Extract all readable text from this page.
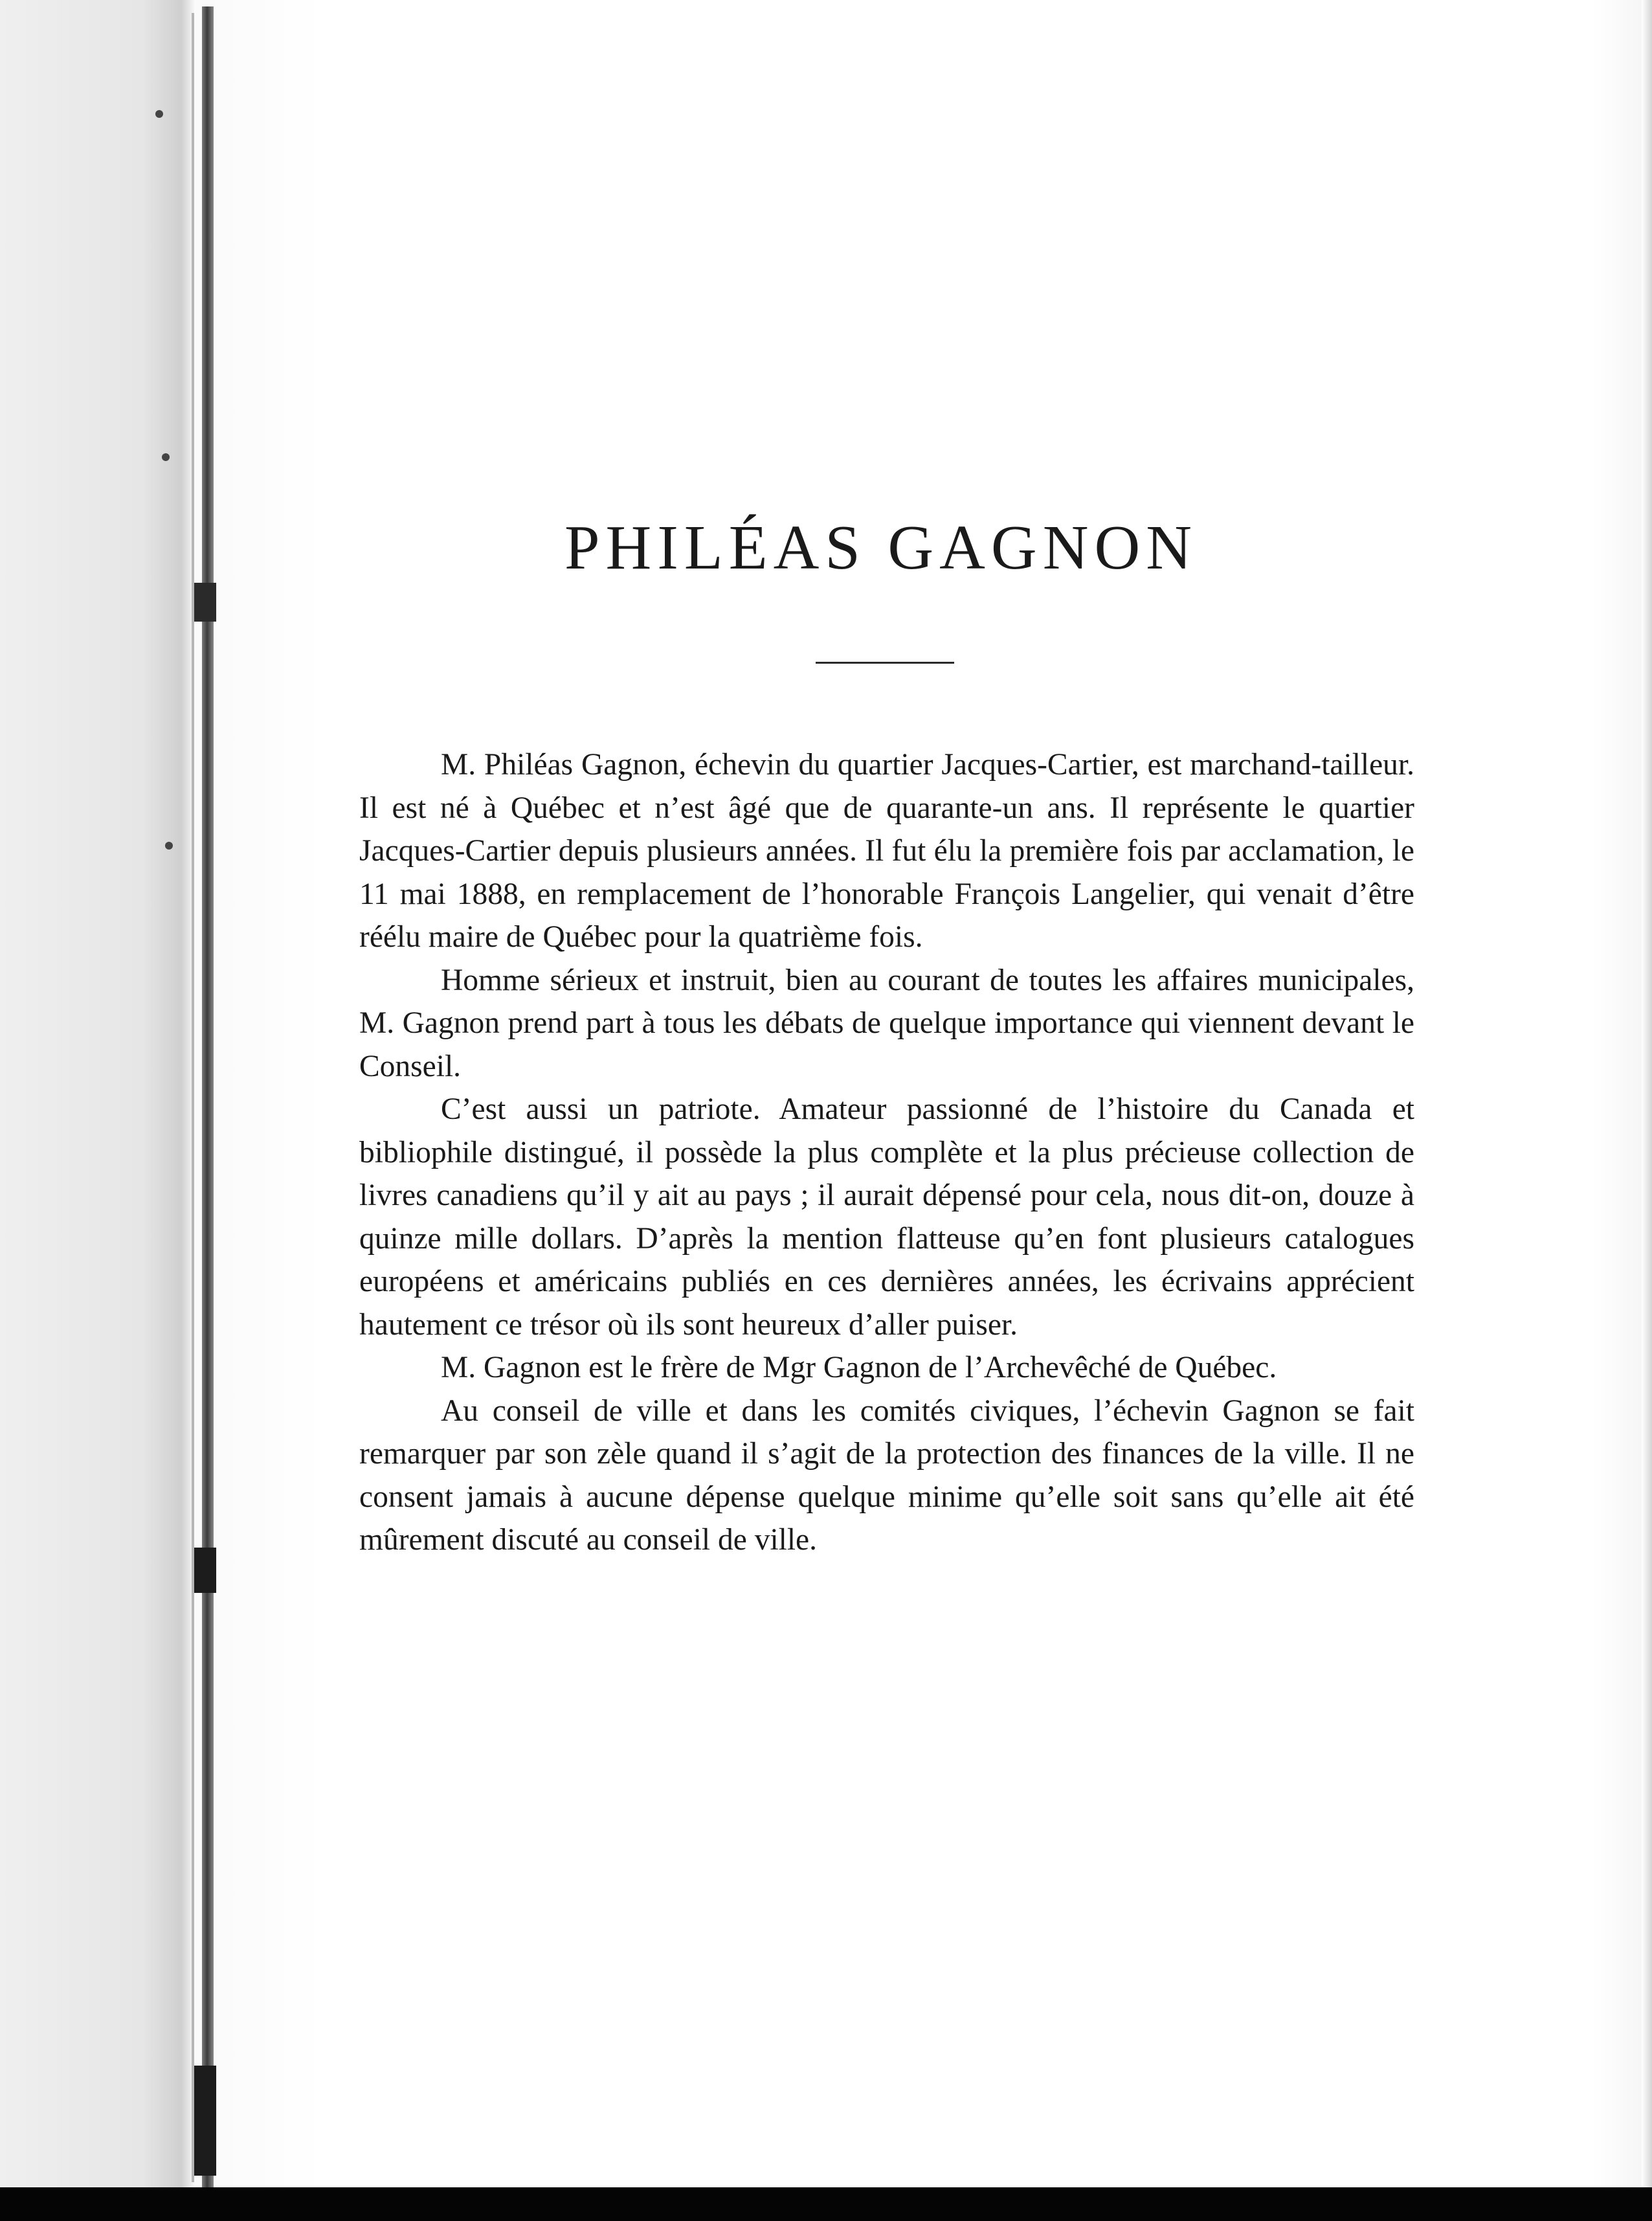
PHILÉAS GAGNON

M. Philéas Gagnon, échevin du quartier Jacques-Cartier, est marchand-tailleur. Il est né à Québec et n’est âgé que de quarante-un ans. Il représente le quartier Jacques-Cartier depuis plusieurs années. Il fut élu la première fois par acclamation, le 11 mai 1888, en remplacement de l’honorable François Langelier, qui venait d’être réélu maire de Québec pour la quatrième fois.

Homme sérieux et instruit, bien au courant de toutes les affaires municipales, M. Gagnon prend part à tous les débats de quelque importance qui viennent devant le Conseil.

C’est aussi un patriote. Amateur passionné de l’histoire du Canada et bibliophile distingué, il possède la plus complète et la plus précieuse collection de livres canadiens qu’il y ait au pays ; il aurait dépensé pour cela, nous dit-on, douze à quinze mille dollars. D’après la mention flatteuse qu’en font plusieurs catalogues européens et américains publiés en ces dernières années, les écrivains apprécient hautement ce trésor où ils sont heureux d’aller puiser.

M. Gagnon est le frère de Mgr Gagnon de l’Archevêché de Québec.

Au conseil de ville et dans les comités civiques, l’échevin Gagnon se fait remarquer par son zèle quand il s’agit de la protection des finances de la ville. Il ne consent jamais à aucune dépense quelque minime qu’elle soit sans qu’elle ait été mûrement discuté au conseil de ville.
